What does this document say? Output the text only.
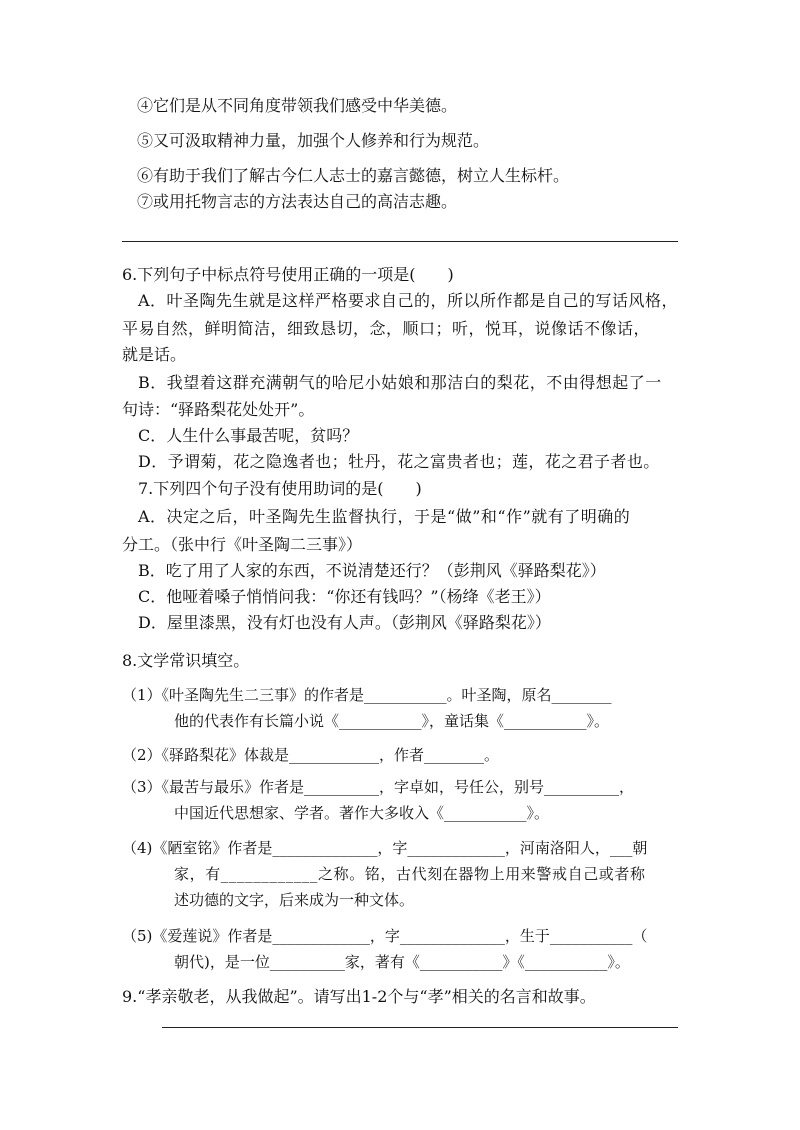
④它们是从不同角度带领我们感受中华美德。
⑤又可汲取精神力量，加强个人修养和行为规范。
⑥有助于我们了解古今仁人志士的嘉言懿德，树立人生标杆。
⑦或用托物言志的方法表达自己的高洁志趣。
6.下列句子中标点符号使用正确的一项是(　　)
A．叶圣陶先生就是这样严格要求自己的，所以所作都是自己的写话风格，
平易自然，鲜明简洁，细致恳切，念，顺口；听，悦耳，说像话不像话，
就是话。
B．我望着这群充满朝气的哈尼小姑娘和那洁白的梨花，不由得想起了一
句诗：“驿路梨花处处开”。
C．人生什么事最苦呢，贫吗？
D．予谓菊，花之隐逸者也；牡丹，花之富贵者也；莲，花之君子者也。
7.下列四个句子没有使用助词的是(　　)
A．决定之后，叶圣陶先生监督执行，于是“做”和“作”就有了明确的
分工。（张中行《叶圣陶二三事》）
B．吃了用了人家的东西，不说清楚还行？（彭荆风《驿路梨花》）
C．他哑着嗓子悄悄问我：“你还有钱吗？”（杨绛《老王》）
D．屋里漆黑，没有灯也没有人声。（彭荆风《驿路梨花》）
8.文学常识填空。
（1）《叶圣陶先生二三事》的作者是___________。叶圣陶，原名________
他的代表作有长篇小说《___________》，童话集《___________》。
（2）《驿路梨花》体裁是____________，作者________。
（3）《最苦与最乐》作者是__________，字卓如，号任公，别号__________，
中国近代思想家、学者。著作大多收入《___________》。
（4)《陋室铭》作者是______________，字_____________，河南洛阳人，___朝
家，有____________之称。铭，古代刻在器物上用来警戒自己或者称
述功德的文字，后来成为一种文体。
（5)《爱莲说》作者是_____________，字______________，生于___________（
朝代)，是一位__________家，著有《___________》《___________》。
9.“孝亲敬老，从我做起”。请写出1-2个与“孝”相关的名言和故事。
